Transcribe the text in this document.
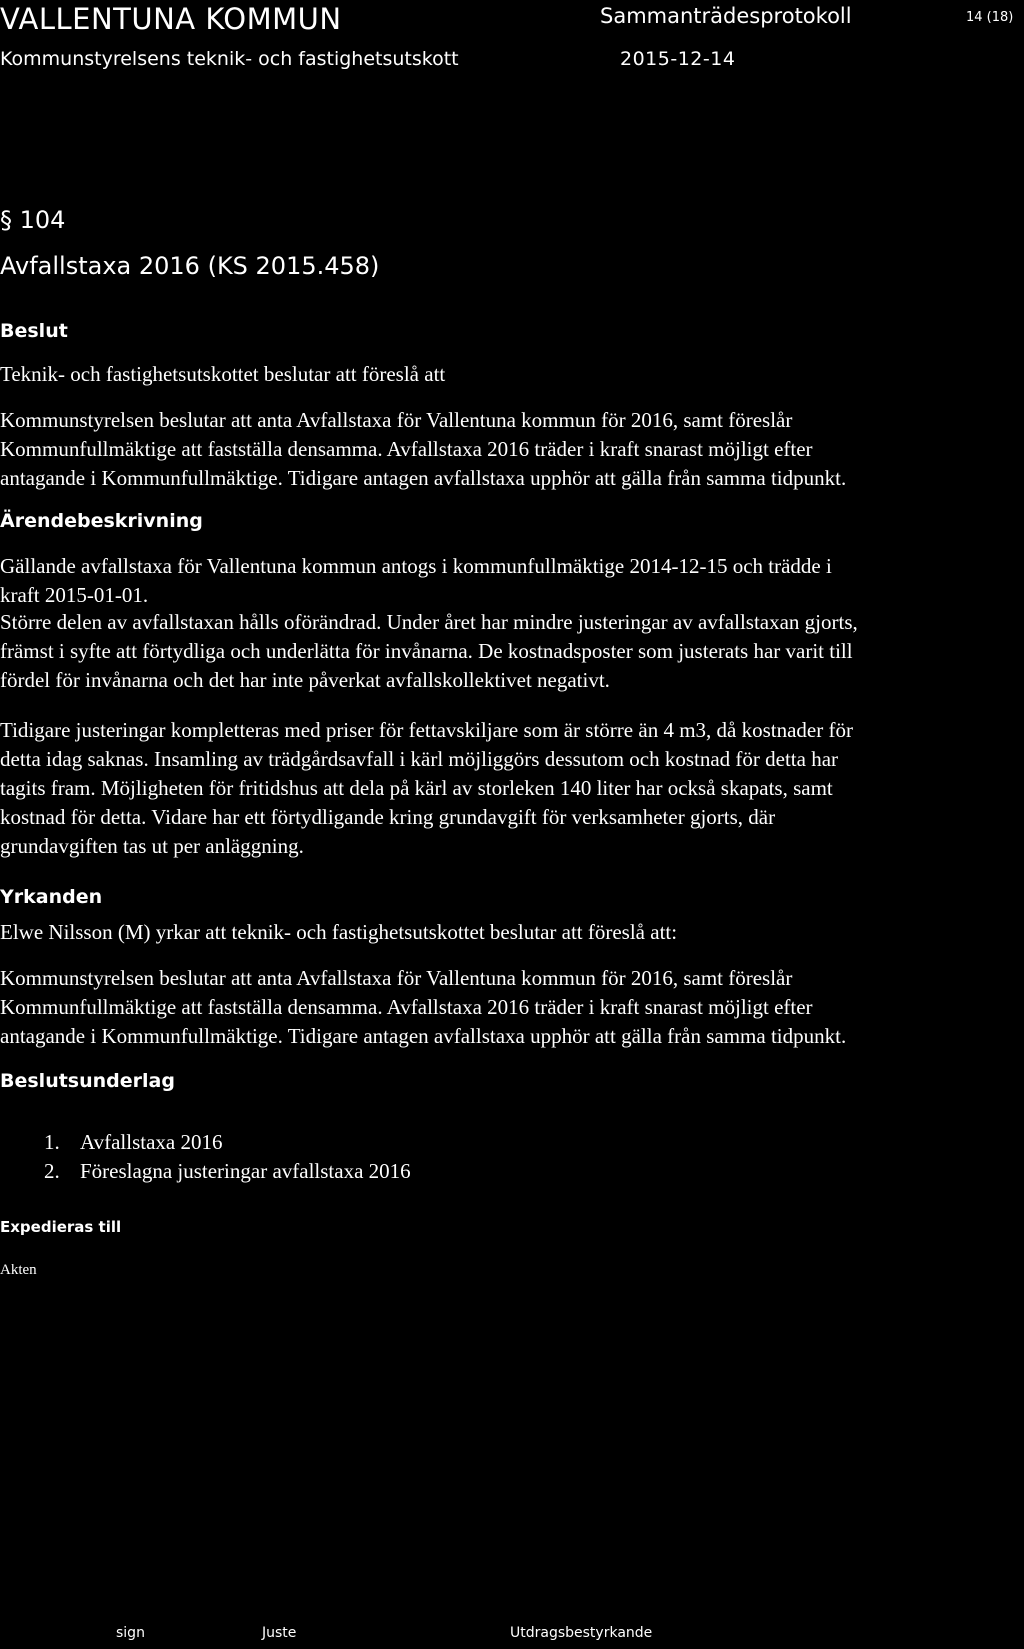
VALLENTUNA KOMMUN	Sammanträdesprotokoll	14 (18)
Kommunstyrelsens teknik- och fastighetsutskott	2015-12-14
§ 104
Avfallstaxa 2016 (KS 2015.458)
Beslut
Teknik- och fastighetsutskottet beslutar att föreslå att
Kommunstyrelsen beslutar att anta Avfallstaxa för Vallentuna kommun för 2016, samt föreslår
Kommunfullmäktige att fastställa densamma. Avfallstaxa 2016 träder i kraft snarast möjligt efter
antagande i Kommunfullmäktige. Tidigare antagen avfallstaxa upphör att gälla från samma tidpunkt.
Ärendebeskrivning
Gällande avfallstaxa för Vallentuna kommun antogs i kommunfullmäktige 2014-12-15 och trädde i
kraft 2015-01-01.
Större delen av avfallstaxan hålls oförändrad. Under året har mindre justeringar av avfallstaxan gjorts,
främst i syfte att förtydliga och underlätta för invånarna. De kostnadsposter som justerats har varit till
fördel för invånarna och det har inte påverkat avfallskollektivet negativt.
Tidigare justeringar kompletteras med priser för fettavskiljare som är större än 4 m3, då kostnader för
detta idag saknas. Insamling av trädgårdsavfall i kärl möjliggörs dessutom och kostnad för detta har
tagits fram. Möjligheten för fritidshus att dela på kärl av storleken 140 liter har också skapats, samt
kostnad för detta. Vidare har ett förtydligande kring grundavgift för verksamheter gjorts, där
grundavgiften tas ut per anläggning.
Yrkanden
Elwe Nilsson (M) yrkar att teknik- och fastighetsutskottet beslutar att föreslå att:
Kommunstyrelsen beslutar att anta Avfallstaxa för Vallentuna kommun för 2016, samt föreslår
Kommunfullmäktige att fastställa densamma. Avfallstaxa 2016 träder i kraft snarast möjligt efter
antagande i Kommunfullmäktige. Tidigare antagen avfallstaxa upphör att gälla från samma tidpunkt.
Beslutsunderlag
1. Avfallstaxa 2016
2. Föreslagna justeringar avfallstaxa 2016
Expedieras till
Akten
sign	Juste	Utdragsbestyrkande
